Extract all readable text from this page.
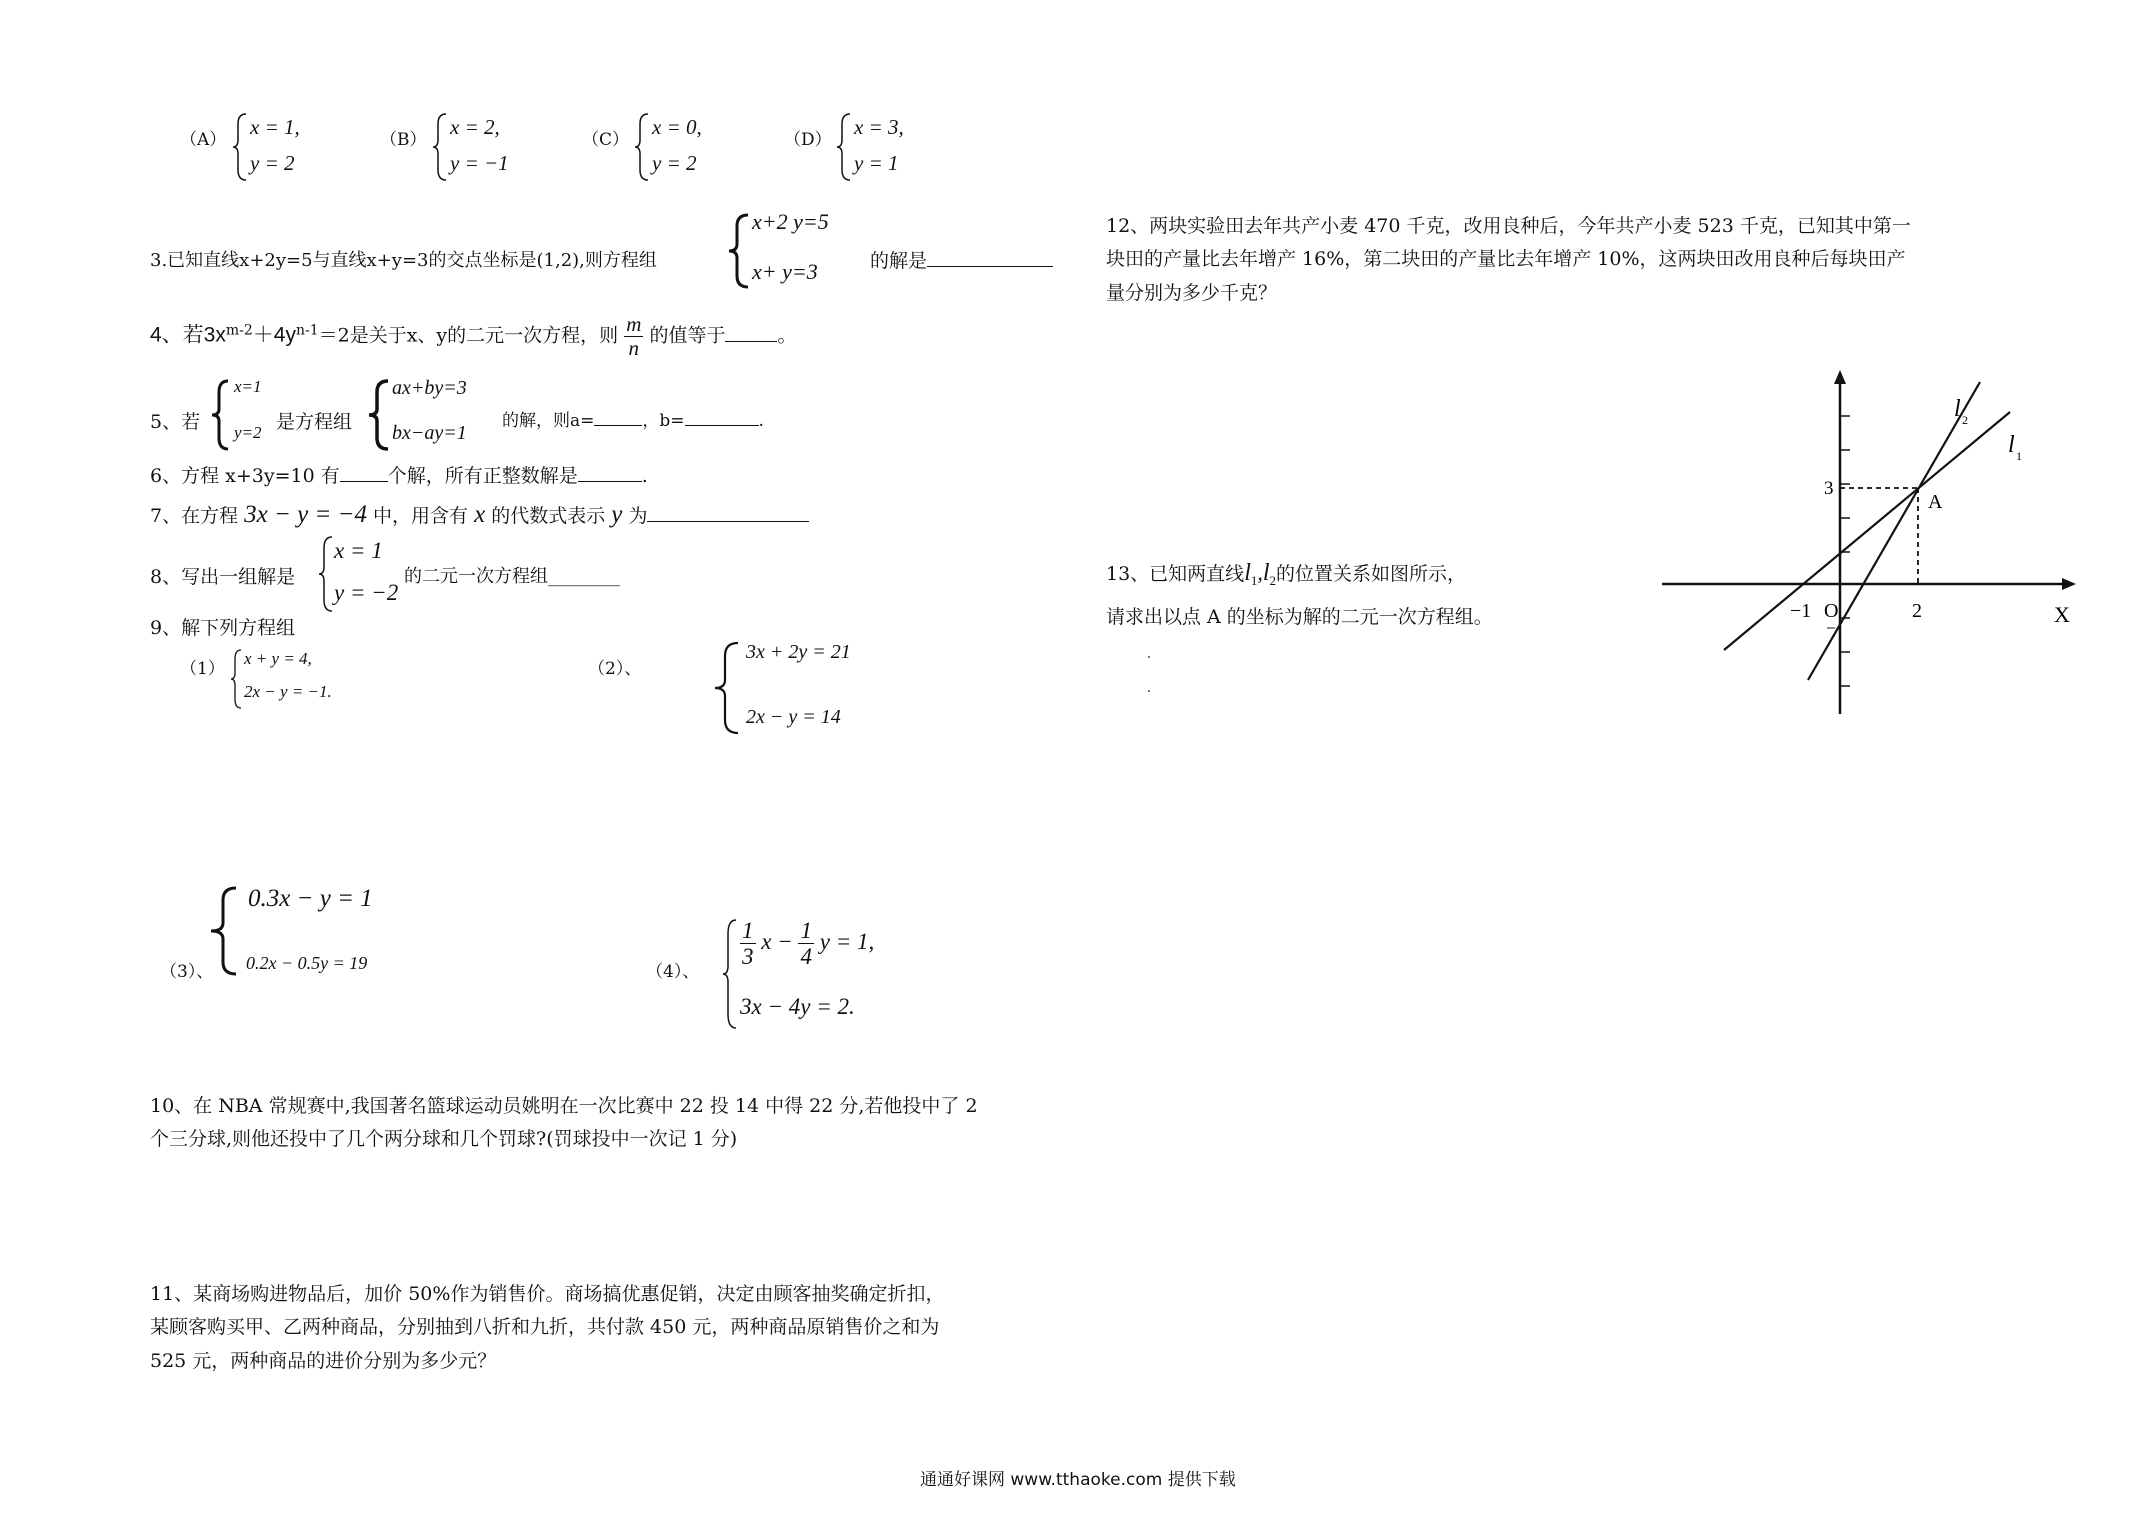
（A）
x = 1,
y = 2
（B）
x = 2,
y = −1
（C）
x = 0,
y = 2
（D）
x = 3,
y = 1
3.已知直线x+2y=5与直线x+y=3的交点坐标是(1,2),则方程组
x+2 y=5
x+ y=3	的解是
4、若$3x^{m-2}+4y^{n-1}=2$是关于x、y的二元一次方程，则 $\frac{m}{n}$ 的值等于	。
5、若
x=1
y=2 是方程组
ax+by=3
bx−ay=1
的解，则a=	，b=	.
6、方程 x+3y=10 有	个解，所有正整数解是	.
7、在方程 3x − y = −4 中，用含有 x 的代数式表示 y 为
8、写出一组解是
x = 1
y = −2
的二元一次方程组________
9、解下列方程组
（1）
x + y = 4,
2x − y = −1.
（2）、
3x + 2y = 21
2x − y = 14
（3）、
0.3x − y = 1
0.2x − 0.5y = 19	（4）、
$\frac{1}{3}$ $x - \frac{1}{4}$ y = 1,
3x − 4y = 2.
10、在 NBA 常规赛中,我国著名篮球运动员姚明在一次比赛中 22 投 14 中得 22 分,若他投中了 2
个三分球,则他还投中了几个两分球和几个罚球?(罚球投中一次记 1 分)
11、某商场购进物品后，加价 50%作为销售价。商场搞优惠促销，决定由顾客抽奖确定折扣，
某顾客购买甲、乙两种商品，分别抽到八折和九折，共付款 450 元，两种商品原销售价之和为
525 元，两种商品的进价分别为多少元？
12、两块实验田去年共产小麦 470 千克，改用良种后，今年共产小麦 523 千克，已知其中第一
块田的产量比去年增产 16%，第二块田的产量比去年增产 10%，这两块田改用良种后每块田产
量分别为多少千克？
13、已知两直线$l_1,l_2$的位置关系如图所示，
请求出以点 A 的坐标为解的二元一次方程组。	X
O
−1	2
3
−
A
l 1
l 2
通通好课网 www.tthaoke.com 提供下载
